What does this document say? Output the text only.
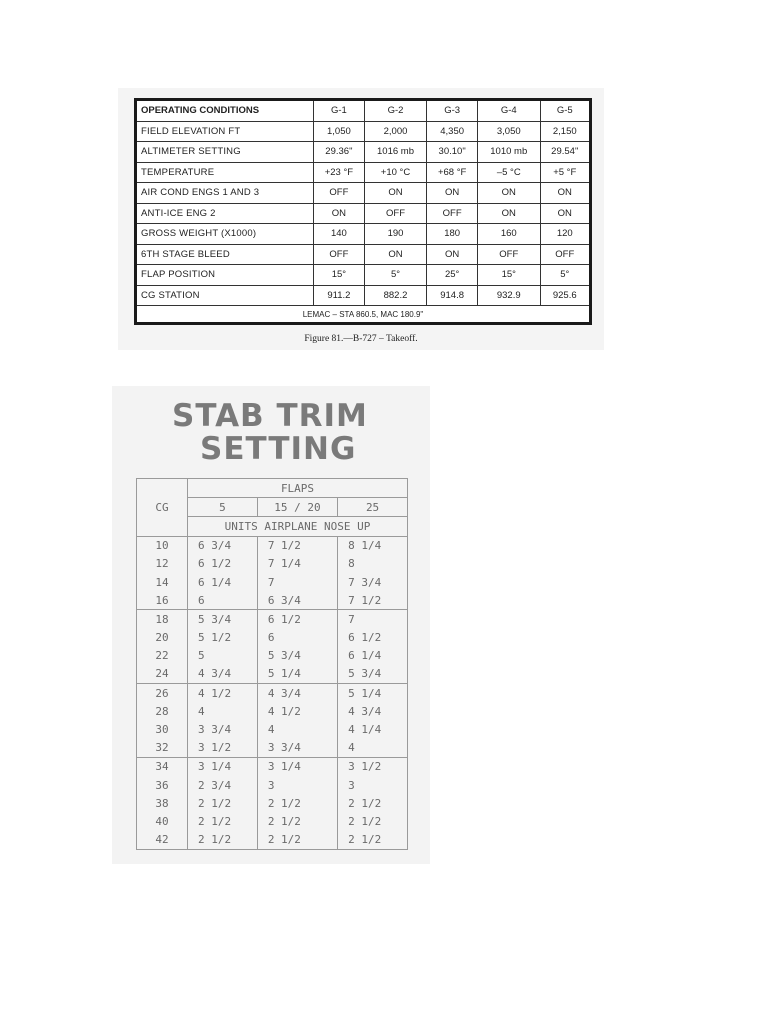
OPERATING CONDITIONS	G-1	G-2	G-3	G-4	G-5
FIELD ELEVATION FT	1,050	2,000	4,350	3,050	2,150
ALTIMETER SETTING	29.36"	1016 mb	30.10"	1010 mb	29.54"
TEMPERATURE	+23 °F	+10 °C	+68 °F	–5 °C	+5 °F
AIR COND ENGS 1 AND 3	OFF	ON	ON	ON	ON
ANTI-ICE ENG 2	ON	OFF	OFF	ON	ON
GROSS WEIGHT (X1000)	140	190	180	160	120
6TH STAGE BLEED	OFF	ON	ON	OFF	OFF
FLAP POSITION	15°	5°	25°	15°	5°
CG STATION	911.2	882.2	914.8	932.9	925.6
LEMAC – STA 860.5, MAC 180.9"					
Figure 81.—B-727 – Takeoff.
STAB TRIM
SETTING
CG	FLAPS		
	5	15 / 20	25
	UNITS AIRPLANE NOSE UP		
10	6 3/4	7 1/2	8 1/4
12	6 1/2	7 1/4	8
14	6 1/4	7	7 3/4
16	6	6 3/4	7 1/2
18	5 3/4	6 1/2	7
20	5 1/2	6	6 1/2
22	5	5 3/4	6 1/4
24	4 3/4	5 1/4	5 3/4
26	4 1/2	4 3/4	5 1/4
28	4	4 1/2	4 3/4
30	3 3/4	4	4 1/4
32	3 1/2	3 3/4	4
34	3 1/4	3 1/4	3 1/2
36	2 3/4	3	3
38	2 1/2	2 1/2	2 1/2
40	2 1/2	2 1/2	2 1/2
42	2 1/2	2 1/2	2 1/2
